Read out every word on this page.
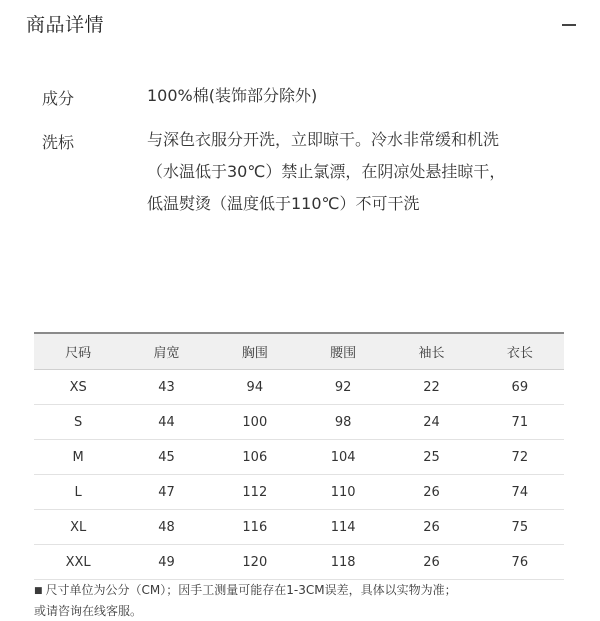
商品详情
成分	100%棉(装饰部分除外)
洗标	与深色衣服分开洗，立即晾干。冷水非常缓和机洗
（水温低于30℃）禁止氯漂，在阴凉处悬挂晾干，
低温熨烫（温度低于110℃）不可干洗
尺码	肩宽	胸围	腰围	袖长	衣长
XS	43	94	92	22	69
S	44	100	98	24	71
M	45	106	104	25	72
L	47	112	110	26	74
XL	48	116	114	26	75
XXL	49	120	118	26	76
■ 尺寸单位为公分（CM）；因手工测量可能存在1-3CM误差，具体以实物为准；
或请咨询在线客服。
